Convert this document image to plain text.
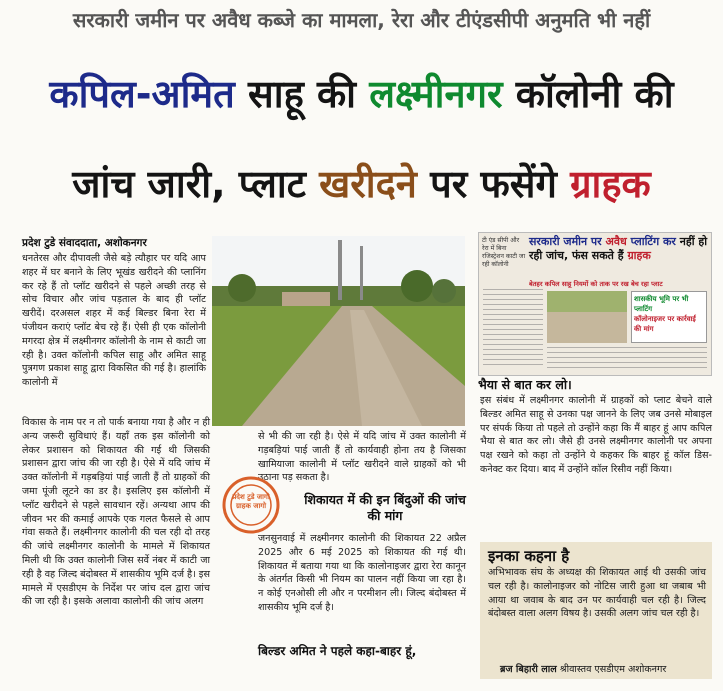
सरकारी जमीन पर अवैध कब्जे का मामला, रेरा और टीएंडसीपी अनुमति भी नहीं
कपिल-अमित साहू की लक्ष्मीनगर कॉलोनी की
जांच जारी, प्लाट खरीदने पर फसेंगे ग्राहक
प्रदेश टुडे संवाददाता, अशोकनगर

धनतेरस और दीपावली जैसे बड़े त्यौहार पर यदि आप शहर में घर बनाने के लिए भूखंड खरीदने की प्लानिंग कर रहे हैं तो प्लॉट खरीदने से पहले अच्छी तरह से सोच विचार और जांच पड़ताल के बाद ही प्लॉट खरीदें। दरअसल शहर में कई बिल्डर बिना रेरा में पंजीयन कराएं प्लॉट बेच रहे हैं। ऐसी ही एक कॉलोनी मगरदा क्षेत्र में लक्ष्मीनगर कॉलोनी के नाम से काटी जा रही है। उक्त कॉलोनी कपिल साहू और अमित साहू पुत्रगण प्रकाश साहू द्वारा विकसित की गई है। हालांकि कालोनी में

विकास के नाम पर न तो पार्क बनाया गया है और न ही अन्य जरूरी सुविधाएं हैं। यहाँ तक इस कॉलोनी को लेकर प्रशासन को शिकायत की गई थी जिसकी प्रशासन द्वारा जांच की जा रही है। ऐसे में यदि जांच में उक्त कॉलोनी में गड़बड़ियां पाई जाती हैं तो ग्राहकों की जमा पूंजी लूटने का डर है। इसलिए इस कॉलोनी में प्लॉट खरीदने से पहले सावधान रहें। अन्यथा आप की जीवन भर की कमाई आपके एक गलत फैसले से आप गंवा सकते हैं। लक्ष्मीनगर कालोनी की चल रही दो तरह की जांचे लक्ष्मीनगर कालोनी के मामले में शिकायत मिली थी कि उक्त कालोनी जिस सर्वे नंबर में काटी जा रही है वह जिल्द बंदोबस्त में शासकीय भूमि दर्ज है। इस मामले में एसडीएम के निर्देश पर जांच दल द्वारा जांच की जा रही है। इसके अलावा कालोनी की जांच अलग

से भी की जा रही है। ऐसे में यदि जांच में उक्त कालोनी में गड़बड़ियां पाई जाती हैं तो कार्यवाही होना तय है जिसका खामियाजा कालोनी में प्लॉट खरीदने वाले ग्राहकों को भी उठाना पड़ सकता है।

प्रदेश टुडे जागो ग्राहक जागो	शिकायत में की इन बिंदुओं की जांच की मांग

जनसुनवाई में लक्ष्मीनगर कालोनी की शिकायत 22 अप्रैल 2025 और 6 मई 2025 को शिकायत की गई थी। शिकायत में बताया गया था कि कालोनाइजर द्वारा रेरा कानून के अंतर्गत किसी भी नियम का पालन नहीं किया जा रहा है। न कोई एनओसी ली और न परमीशन ली। जिल्द बंदोबस्त में शासकीय भूमि दर्ज है।

बिल्डर अमित ने पहले कहा-बाहर हूं,
टी एंड सीपी और रेरा में बिना रजिस्ट्रेशन काटी जा रही कॉलोनी
सरकारी जमीन पर अवैध प्लाटिंग कर नहीं हो रही जांच, फंस सकते हैं ग्राहक
बेतहर कपिल साहू नियमों को ताक पर रख बेच रहा प्लाट
शासकीय भूमि पर भी प्लाटिंग
कॉलोनाइजर पर कार्रवाई की मांग
भैया से बात कर लो।

इस संबंध में लक्ष्मीनगर कालोनी में ग्राहकों को प्लाट बेचने वाले बिल्डर अमित साहू से उनका पक्ष जानने के लिए जब उनसे मोबाइल पर संपर्क किया तो पहले तो उन्होंने कहा कि मैं बाहर हूं आप कपिल भैया से बात कर लो। जैसे ही उनसे लक्ष्मीनगर कालोनी पर अपना पक्ष रखने को कहा तो उन्होंने ये कहकर कि बाहर हूं कॉल डिस-कनेक्ट कर दिया। बाद में उन्होंने कॉल रिसीव नहीं किया।

इनका कहना है

अभिभावक संघ के अध्यक्ष की शिकायत आई थी उसकी जांच चल रही है। कालोनाइजर को नोटिस जारी हुआ था जबाब भी आया था जवाब के बाद उन पर कार्यवाही चल रही है। जिल्द बंदोबस्त वाला अलग विषय है। उसकी अलग जांच चल रही है।

ब्रज बिहारी लाल श्रीवास्तव एसडीएम अशोकनगर
